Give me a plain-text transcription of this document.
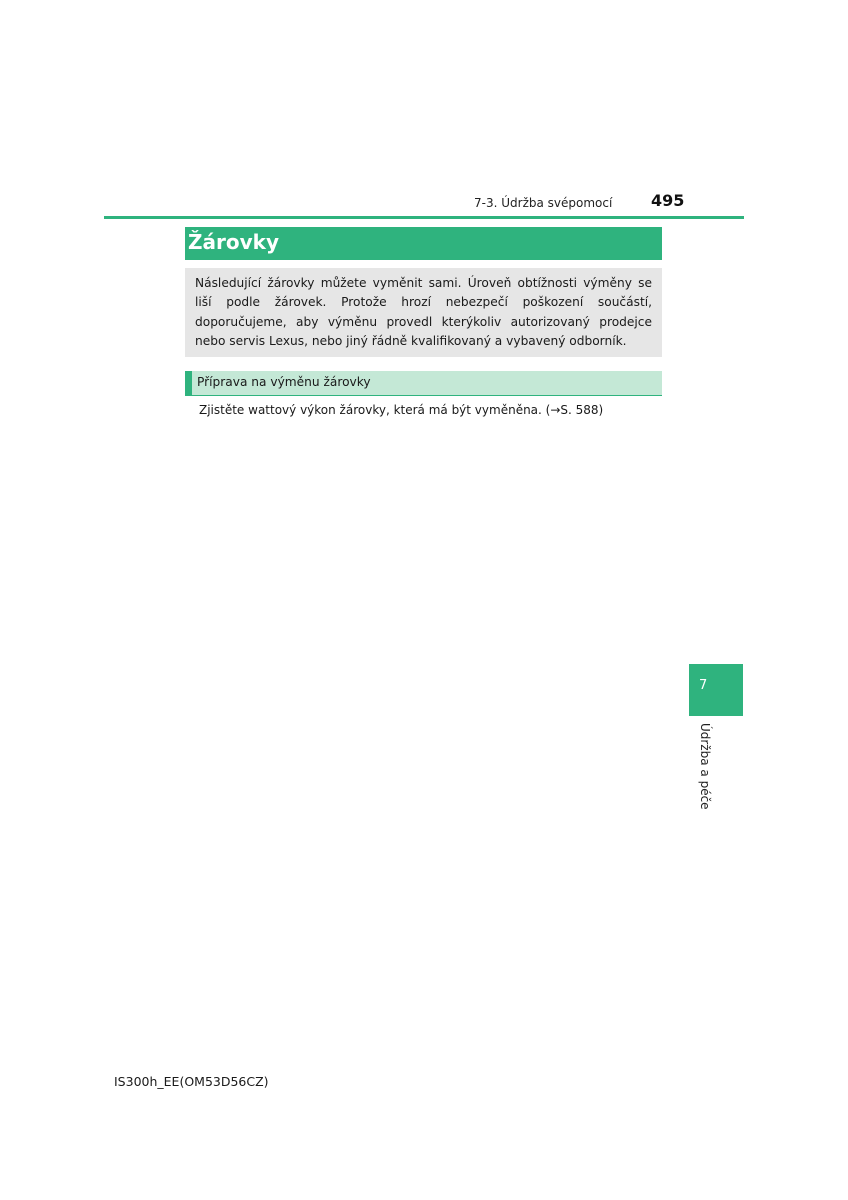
7-3. Údržba svépomocí 495
Žárovky
Následující žárovky můžete vyměnit sami. Úroveň obtížnosti výměny se liší podle žárovek. Protože hrozí nebezpečí poškození součástí, doporučujeme, aby výměnu provedl kterýkoliv autorizovaný prodejce nebo servis Lexus, nebo jiný řádně kvalifikovaný a vybavený odborník.
Příprava na výměnu žárovky
Zjistěte wattový výkon žárovky, která má být vyměněna. (→S. 588)
7
Údržba a péče
IS300h_EE(OM53D56CZ)
